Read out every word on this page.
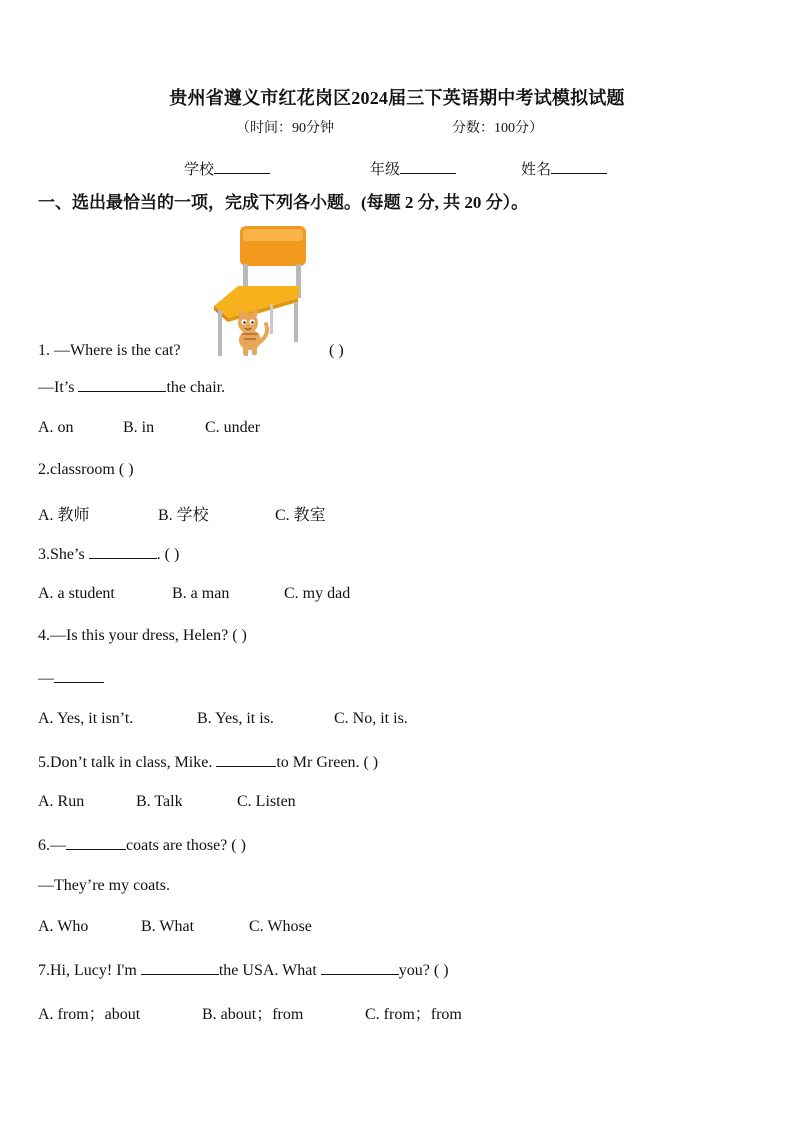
贵州省遵义市红花岗区2024届三下英语期中考试模拟试题
（时间：90分钟	分数：100分）
学校	年级	姓名
一、选出最恰当的一项，完成下列各小题。(每题 2 分, 共 20 分）。
1. —Where is the cat?	( )
—It’s	the chair.
A. on	B. in	C. under
2.classroom ( )
A. 教师	B. 学校	C. 教室
3.She’s	. ( )
A. a student	B. a man	C. my dad
4.—Is this your dress, Helen? ( )
—
A. Yes, it isn’t.	B. Yes, it is.	C. No, it is.
5.Don’t talk in class, Mike.	to Mr Green. ( )
A. Run	B. Talk	C. Listen
6.—	coats are those? ( )
—They’re my coats.
A. Who	B. What	C. Whose
7.Hi, Lucy! I'm	the USA. What	you? ( )
A. from；about	B. about；from	C. from；from
